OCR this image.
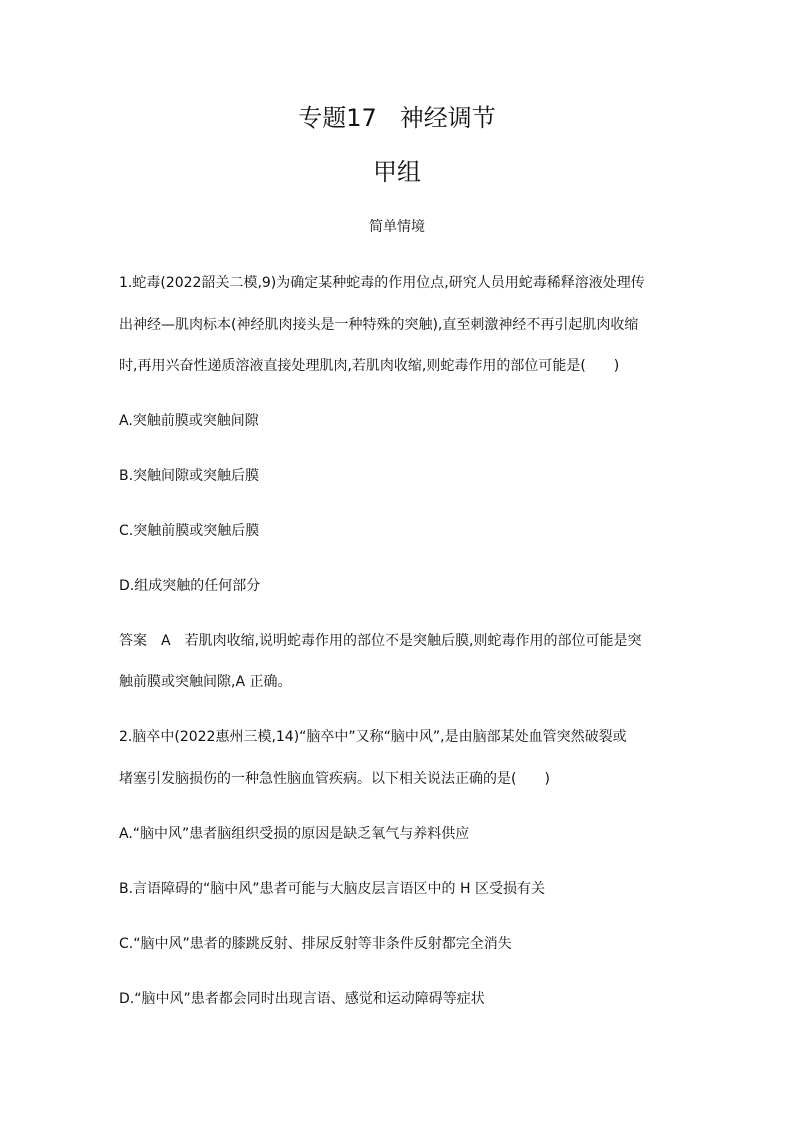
专题17   神经调节
甲组
简单情境
1.蛇毒(2022韶关二模,9)为确定某种蛇毒的作用位点,研究人员用蛇毒稀释溶液处理传
出神经—肌肉标本(神经肌肉接头是一种特殊的突触),直至刺激神经不再引起肌肉收缩
时,再用兴奋性递质溶液直接处理肌肉,若肌肉收缩,则蛇毒作用的部位可能是(　　)
A.突触前膜或突触间隙
B.突触间隙或突触后膜
C.突触前膜或突触后膜
D.组成突触的任何部分
答案　A　若肌肉收缩,说明蛇毒作用的部位不是突触后膜,则蛇毒作用的部位可能是突
触前膜或突触间隙,A 正确。
2.脑卒中(2022惠州三模,14)“脑卒中”又称“脑中风”,是由脑部某处血管突然破裂或
堵塞引发脑损伤的一种急性脑血管疾病。以下相关说法正确的是(　　)
A.“脑中风”患者脑组织受损的原因是缺乏氧气与养料供应
B.言语障碍的“脑中风”患者可能与大脑皮层言语区中的 H 区受损有关
C.“脑中风”患者的膝跳反射、排尿反射等非条件反射都完全消失
D.“脑中风”患者都会同时出现言语、感觉和运动障碍等症状
